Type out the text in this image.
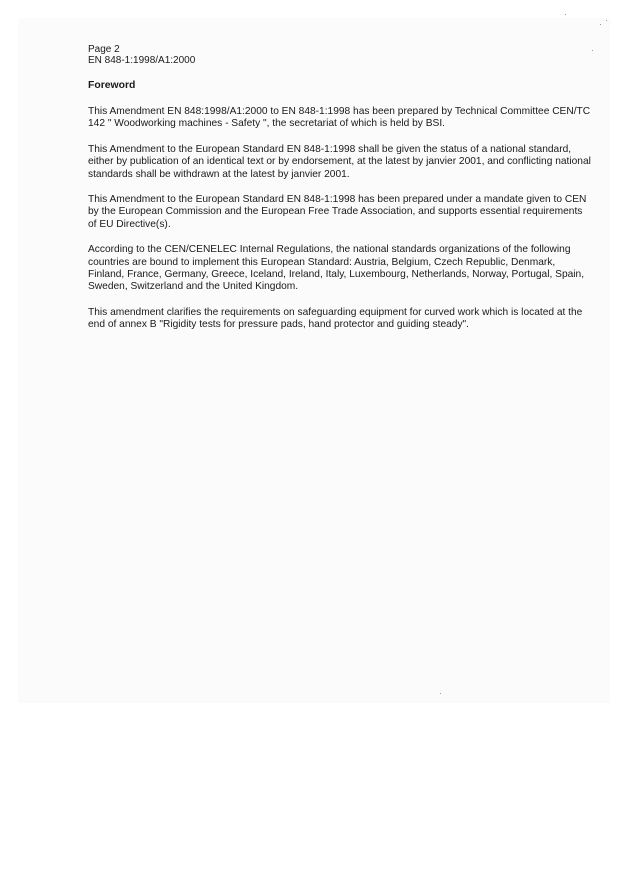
Page 2

EN 848-1:1998/A1:2000

Foreword

This Amendment EN 848:1998/A1:2000 to EN 848-1:1998 has been prepared by Technical Committee CEN/TC 142 " Woodworking machines - Safety ", the secretariat of which is held by BSI.

This Amendment to the European Standard EN 848-1:1998 shall be given the status of a national standard, either by publication of an identical text or by endorsement, at the latest by janvier 2001, and conflicting national standards shall be withdrawn at the latest by janvier 2001.

This Amendment to the European Standard EN 848-1:1998 has been prepared under a mandate given to CEN by the European Commission and the European Free Trade Association, and supports essential requirements of EU Directive(s).

According to the CEN/CENELEC Internal Regulations, the national standards organizations of the following countries are bound to implement this European Standard: Austria, Belgium, Czech Republic, Denmark, Finland, France, Germany, Greece, Iceland, Ireland, Italy, Luxembourg, Netherlands, Norway, Portugal, Spain, Sweden, Switzerland and the United Kingdom.

This amendment clarifies the requirements on safeguarding equipment for curved work which is located at the end of annex B "Rigidity tests for pressure pads, hand protector and guiding steady".
